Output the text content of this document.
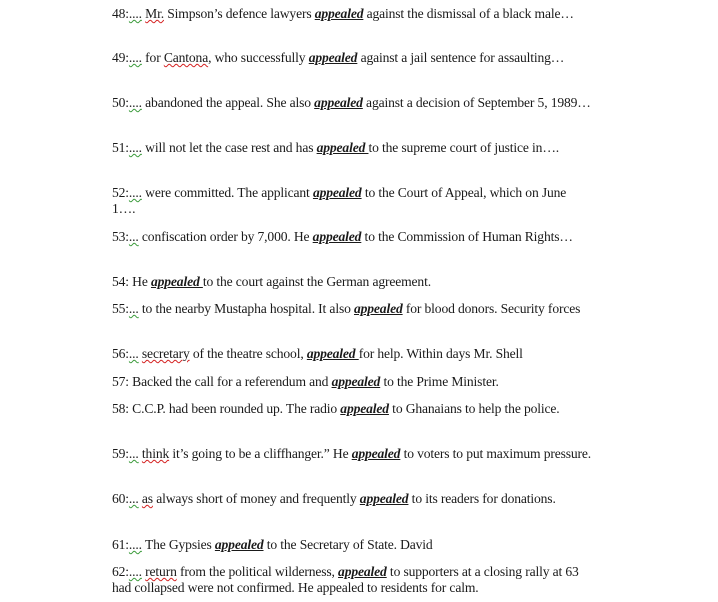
48:.... Mr. Simpson’s defence lawyers appealed against the dismissal of a black male…
49:.... for Cantona, who successfully appealed against a jail sentence for assaulting…
50:.... abandoned the appeal. She also appealed against a decision of September 5, 1989…
51:.... will not let the case rest and has appealed to the supreme court of justice in….
52:.... were committed. The applicant appealed to the Court of Appeal, which on June 1….
53:... confiscation order by 7,000. He appealed to the Commission of Human Rights…
54: He appealed to the court against the German agreement.
55:... to the nearby Mustapha hospital. It also appealed for blood donors. Security forces
56:... secretary of the theatre school, appealed for help. Within days Mr. Shell
57: Backed the call for a referendum and appealed to the Prime Minister.
58: C.C.P. had been rounded up. The radio appealed to Ghanaians to help the police.
59:... think it’s going to be a cliffhanger.” He appealed to voters to put maximum pressure.
60:... as always short of money and frequently appealed to its readers for donations.
61:.... The Gypsies appealed to the Secretary of State. David
62:.... return from the political wilderness, appealed to supporters at a closing rally at 63 had collapsed were not confirmed. He appealed to residents for calm.
